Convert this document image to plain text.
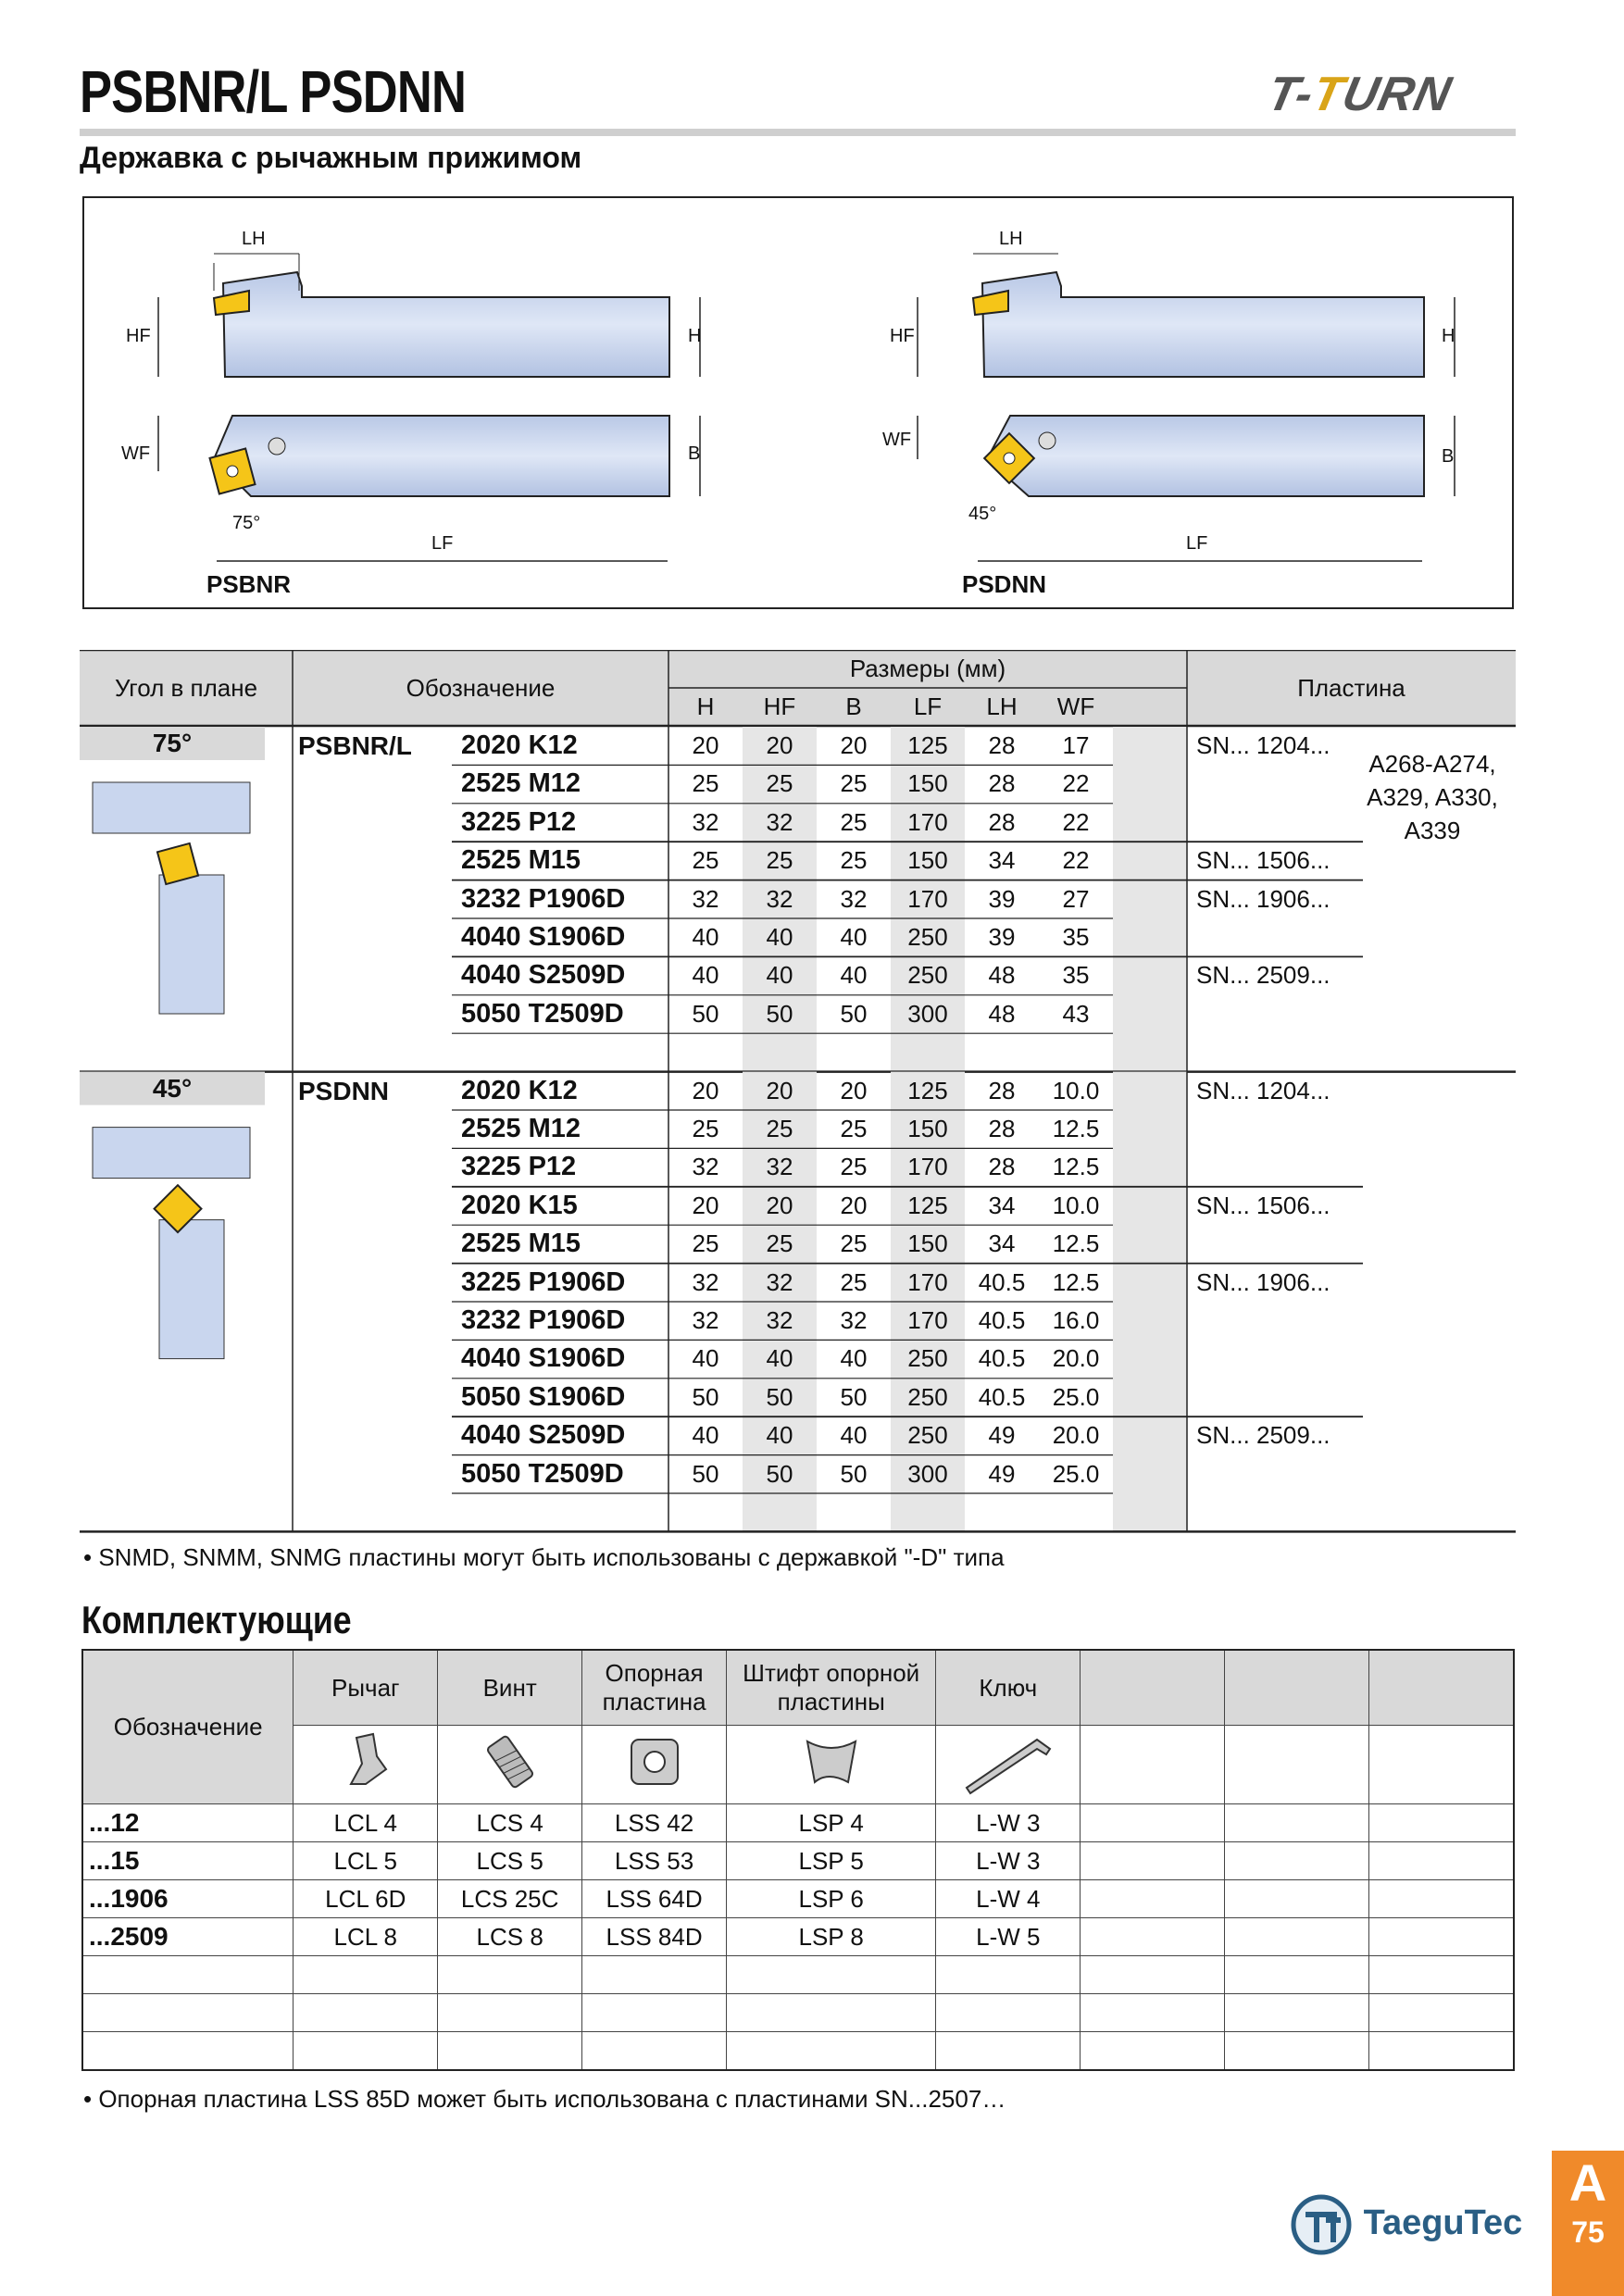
PSBNR/L PSDNN	T-TURN
Державка с рычажным прижимом
LH
HF	H
WF	B
75°
LF
PSBNR
LH
HF	H
WF
B
45°
LF
PSDNN
Угол в плане	Обозначение
Размеры (мм)
Пластина
H	HF	B	LF	LH	WF
75°	PSBNR/L	2020 K12	20	20	20	125	28	17	SN... 1204...
2525 M12	25	25	25	150	28	22
3225 P12	32	32	25	170	28	22
2525 M15	25	25	25	150	34	22	SN... 1506...
3232 P1906D	32	32	32	170	39	27	SN... 1906...
4040 S1906D	40	40	40	250	39	35
4040 S2509D	40	40	40	250	48	35	SN... 2509...
5050 T2509D	50	50	50	300	48	43
45°	PSDNN	2020 K12	20	20	20	125	28	10.0	SN... 1204...
2525 M12	25	25	25	150	28	12.5
3225 P12	32	32	25	170	28	12.5
2020 K15	20	20	20	125	34	10.0	SN... 1506...
2525 M15	25	25	25	150	34	12.5
3225 P1906D	32	32	25	170	40.5	12.5	SN... 1906...
3232 P1906D	32	32	32	170	40.5	16.0
4040 S1906D	40	40	40	250	40.5	20.0
5050 S1906D	50	50	50	250	40.5	25.0
4040 S2509D	40	40	40	250	49	20.0	SN... 2509...
5050 T2509D	50	50	50	300	49	25.0
A268-A274, A329, A330, A339
• SNMD, SNMM, SNMG пластины могут быть использованы с державкой "-D" типа
Комплектующие
Обозначение	Рычаг	Винт	Опорная пластина	Штифт опорной пластины	Ключ			

...12	LCL 4	LCS 4	LSS 42	LSP 4	L-W 3			
...15	LCL 5	LCS 5	LSS 53	LSP 5	L-W 3			
...1906	LCL 6D	LCS 25C	LSS 64D	LSP 6	L-W 4			
...2509	LCL 8	LCS 8	LSS 84D	LSP 8	L-W 5			

• Опорная пластина LSS 85D может быть использована с пластинами SN...2507…
TaeguTec
A
75
